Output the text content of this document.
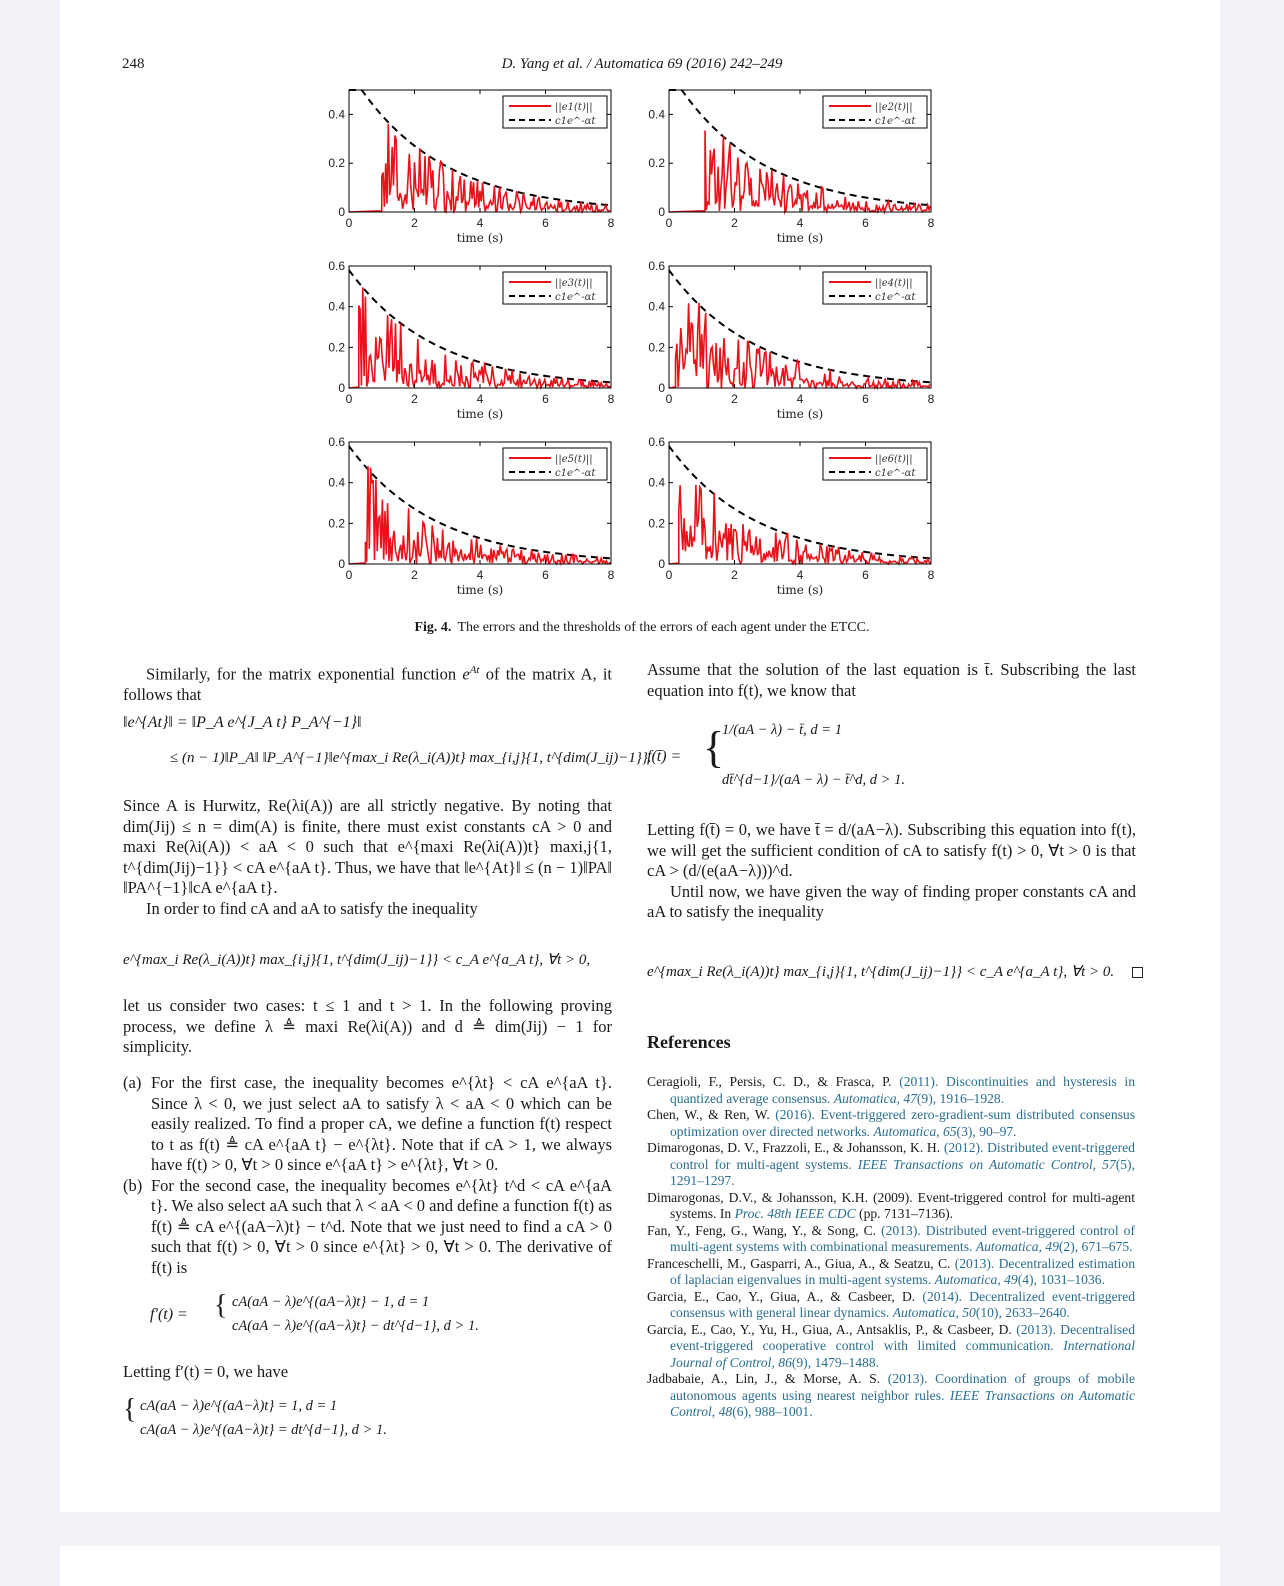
248	D. Yang et al. / Automatica 69 (2016) 242–249
0	2	4	6	8
0
0.2
0.4
time (s)
||e1(t)||
c1e^-αt
0	2	4	6	8
0
0.2
0.4
time (s)
||e2(t)||
c1e^-αt
0	2	4	6	8
0
0.2
0.4
0.6
time (s)
||e3(t)||
c1e^-αt
0	2	4	6	8
0
0.2
0.4
0.6
time (s)
||e4(t)||
c1e^-αt
0	2	4	6	8
0
0.2
0.4
0.6
time (s)
||e5(t)||
c1e^-αt
0	2	4	6	8
0
0.2
0.4
0.6
time (s)
||e6(t)||
c1e^-αt
Fig. 4. The errors and the thresholds of the errors of each agent under the ETCC.

Similarly, for the matrix exponential function $e^{At}$ of the matrix A, it follows that

‖e^{At}‖ = ‖P_A e^{J_A t} P_A^{−1}‖
≤ (n − 1)‖P_A‖ ‖P_A^{−1}‖e^{max_i Re(λ_i(A))t} max_{i,j}{1, t^{dim(J_ij)−1}}.

Since A is Hurwitz, Re(λi(A)) are all strictly negative. By noting that dim(Jij) ≤ n = dim(A) is finite, there must exist constants cA > 0 and maxi Re(λi(A)) < aA < 0 such that e^{maxi Re(λi(A))t} maxi,j{1, t^{dim(Jij)−1}} < cA e^{aA t}. Thus, we have that ‖e^{At}‖ ≤ (n − 1)‖PA‖ ‖PA^{−1}‖cA e^{aA t}.

In order to find cA and aA to satisfy the inequality

e^{max_i Re(λ_i(A))t} max_{i,j}{1, t^{dim(J_ij)−1}} < c_A e^{a_A t}, ∀t > 0,

let us consider two cases: t ≤ 1 and t > 1. In the following proving process, we define λ ≜ maxi Re(λi(A)) and d ≜ dim(Jij) − 1 for simplicity.

(a) For the first case, the inequality becomes e^{λt} < cA e^{aA t}. Since λ < 0, we just select aA to satisfy λ < aA < 0 which can be easily realized. To find a proper cA, we define a function f(t) respect to t as f(t) ≜ cA e^{aA t} − e^{λt}. Note that if cA > 1, we always have f(t) > 0, ∀t > 0 since e^{aA t} > e^{λt}, ∀t > 0.
(b) For the second case, the inequality becomes e^{λt} t^d < cA e^{aA t}. We also select aA such that λ < aA < 0 and define a function f(t) as f(t) ≜ cA e^{(aA−λ)t} − t^d. Note that we just need to find a cA > 0 such that f(t) > 0, ∀t > 0 since e^{λt} > 0, ∀t > 0. The derivative of f(t) is
f′(t) = { cA(aA − λ)e^{(aA−λ)t} − 1, d = 1
cA(aA − λ)e^{(aA−λ)t} − dt^{d−1}, d > 1.

Letting f′(t) = 0, we have

{ cA(aA − λ)e^{(aA−λ)t} = 1, d = 1
cA(aA − λ)e^{(aA−λ)t} = dt^{d−1}, d > 1.

Assume that the solution of the last equation is t̄. Subscribing the last equation into f(t), we know that

f(t̄) = {
1/(aA − λ) − t̄, d = 1
dt̄^{d−1}/(aA − λ) − t̄^d, d > 1.

Letting f(t̄) = 0, we have t̄ = d/(aA−λ). Subscribing this equation into f(t), we will get the sufficient condition of cA to satisfy f(t) > 0, ∀t > 0 is that cA > (d/(e(aA−λ)))^d.

Until now, we have given the way of finding proper constants cA and aA to satisfy the inequality

e^{max_i Re(λ_i(A))t} max_{i,j}{1, t^{dim(J_ij)−1}} < c_A e^{a_A t}, ∀t > 0.
References
Ceragioli, F., Persis, C. D., & Frasca, P. (2011). Discontinuities and hysteresis in quantized average consensus. Automatica, 47(9), 1916–1928.
Chen, W., & Ren, W. (2016). Event-triggered zero-gradient-sum distributed consensus optimization over directed networks. Automatica, 65(3), 90–97.
Dimarogonas, D. V., Frazzoli, E., & Johansson, K. H. (2012). Distributed event-triggered control for multi-agent systems. IEEE Transactions on Automatic Control, 57(5), 1291–1297.
Dimarogonas, D.V., & Johansson, K.H. (2009). Event-triggered control for multi-agent systems. In Proc. 48th IEEE CDC (pp. 7131–7136).
Fan, Y., Feng, G., Wang, Y., & Song, C. (2013). Distributed event-triggered control of multi-agent systems with combinational measurements. Automatica, 49(2), 671–675.
Franceschelli, M., Gasparri, A., Giua, A., & Seatzu, C. (2013). Decentralized estimation of laplacian eigenvalues in multi-agent systems. Automatica, 49(4), 1031–1036.
Garcia, E., Cao, Y., Giua, A., & Casbeer, D. (2014). Decentralized event-triggered consensus with general linear dynamics. Automatica, 50(10), 2633–2640.
Garcia, E., Cao, Y., Yu, H., Giua, A., Antsaklis, P., & Casbeer, D. (2013). Decentralised event-triggered cooperative control with limited communication. International Journal of Control, 86(9), 1479–1488.
Jadbabaie, A., Lin, J., & Morse, A. S. (2013). Coordination of groups of mobile autonomous agents using nearest neighbor rules. IEEE Transactions on Automatic Control, 48(6), 988–1001.
